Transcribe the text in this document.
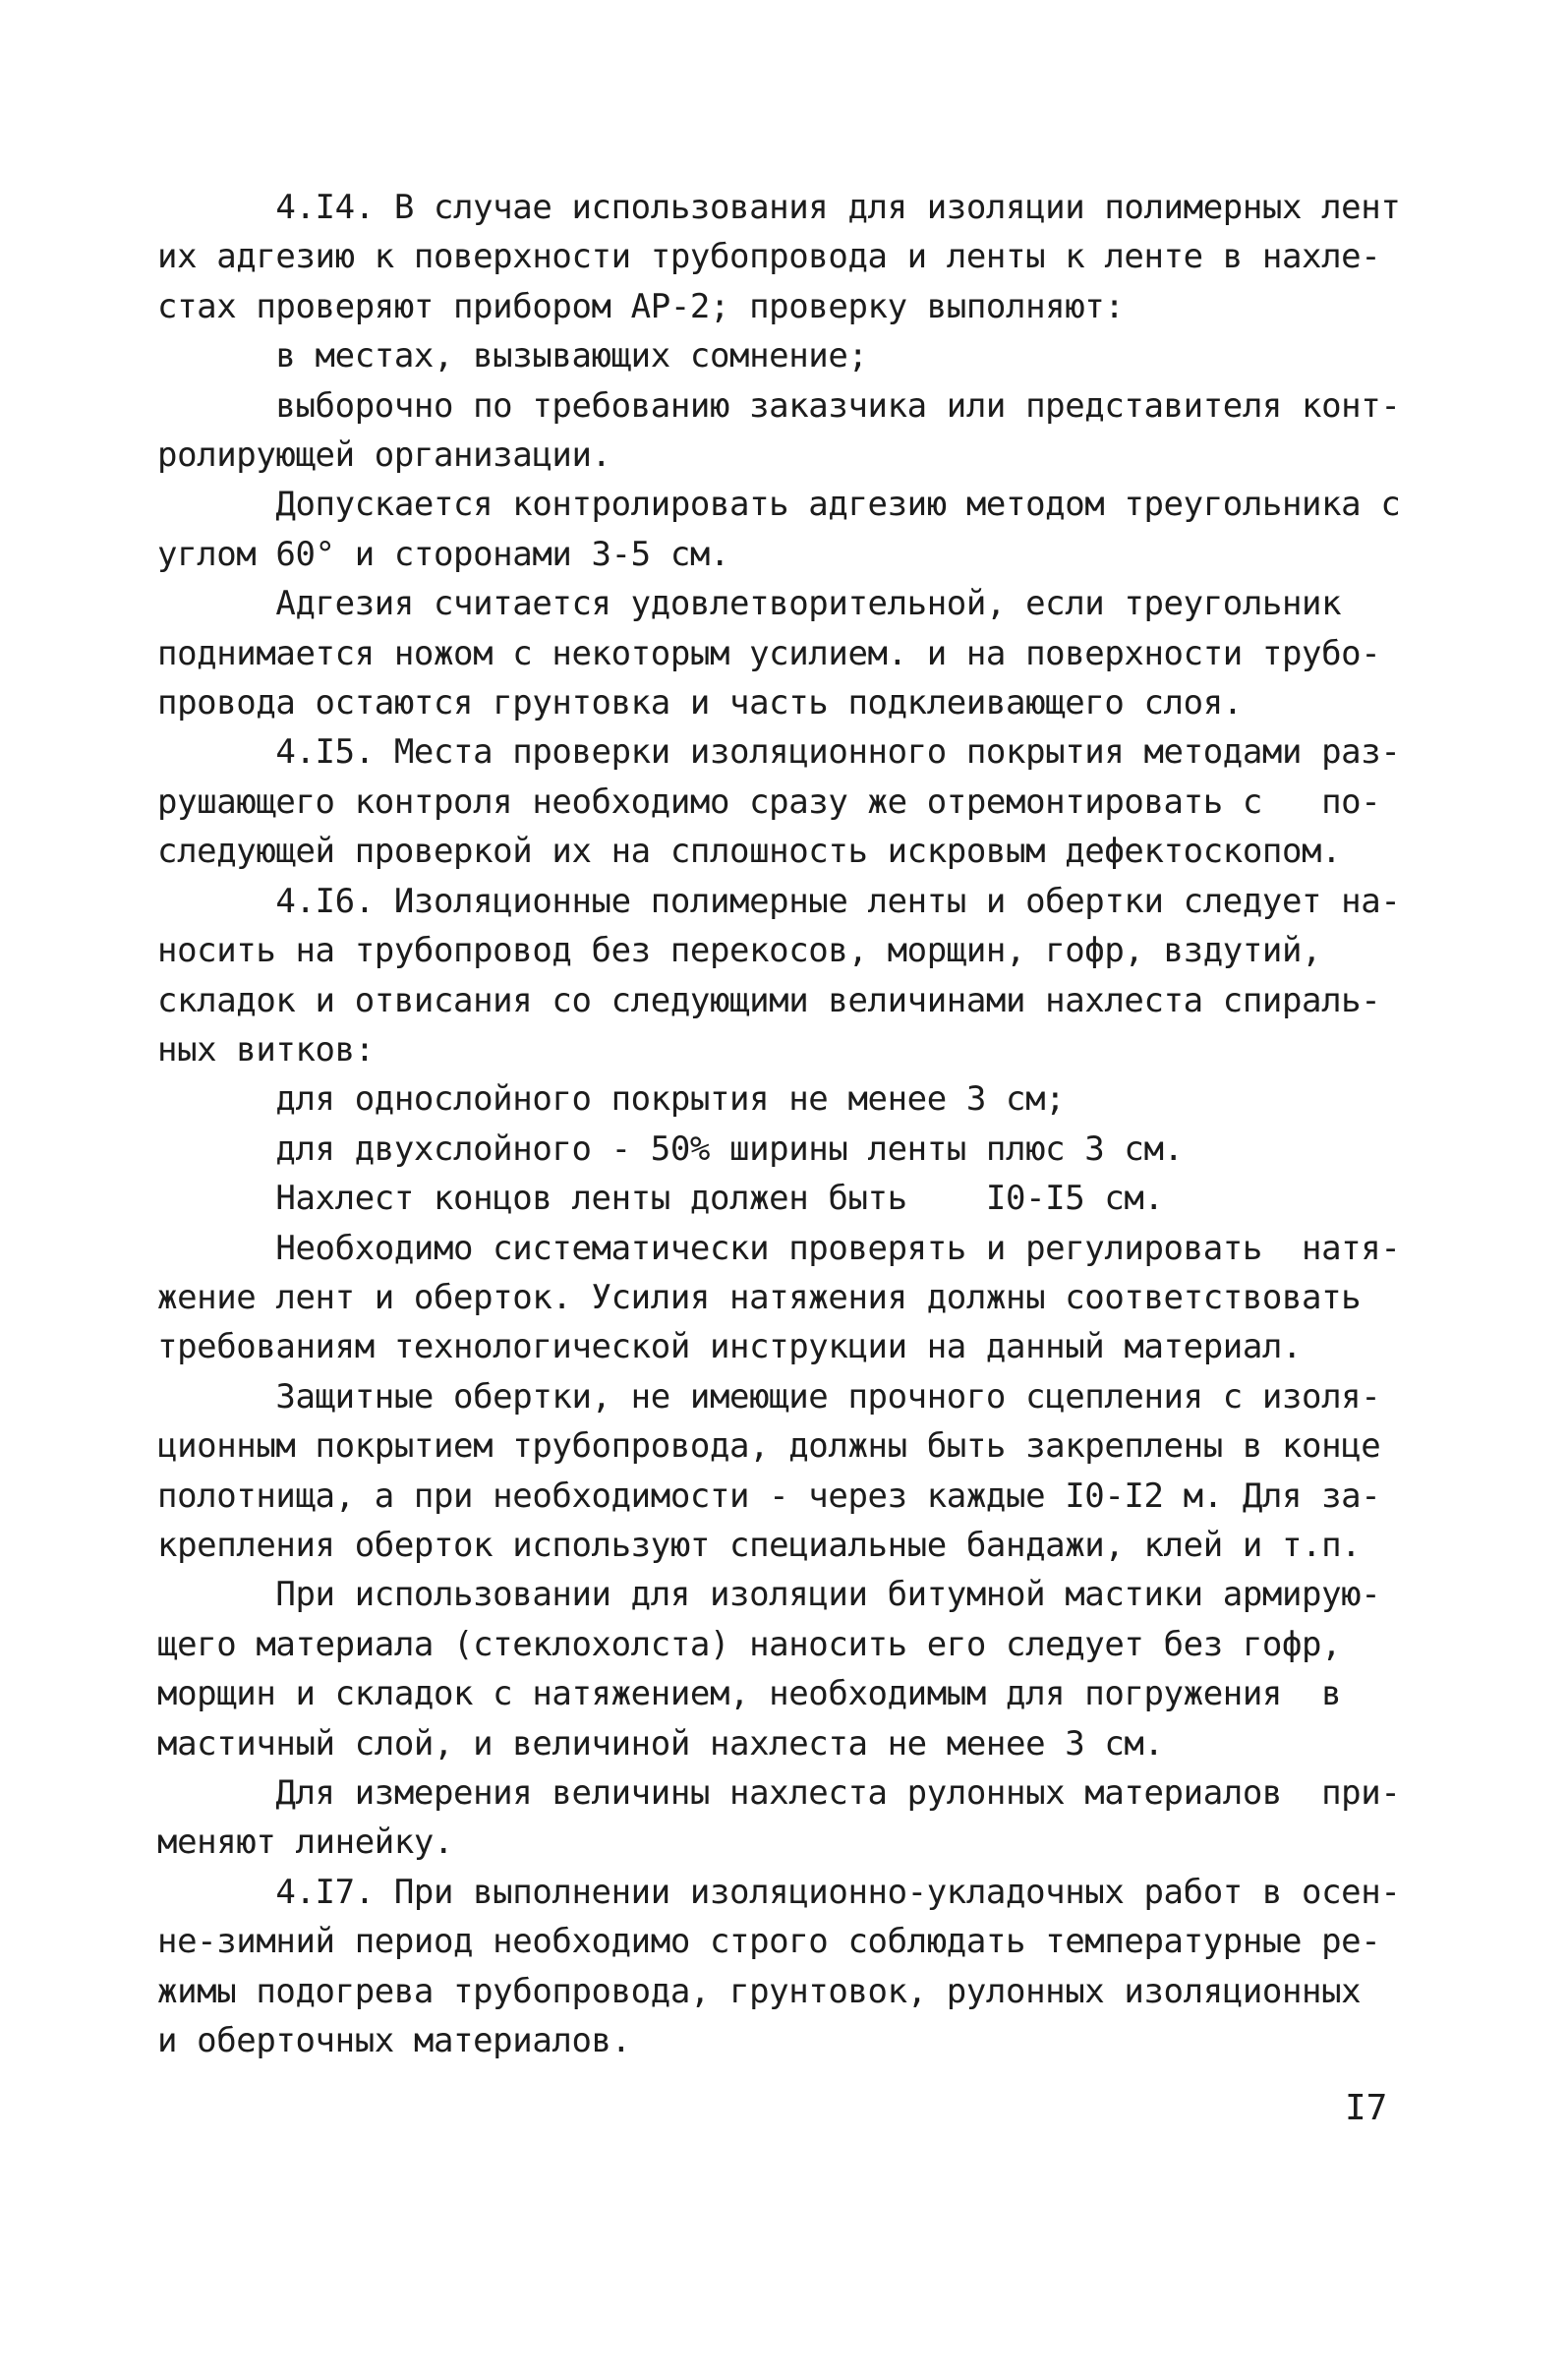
4.I4. В случае использования для изоляции полимерных лент
их адгезию к поверхности трубопровода и ленты к ленте в нахле-
стах проверяют прибором АР-2; проверку выполняют:
в местах, вызывающих сомнение;
выборочно по требованию заказчика или представителя конт-
ролирующей организации.
Допускается контролировать адгезию методом треугольника с
углом 60° и сторонами 3-5 см.
Адгезия считается удовлетворительной, если треугольник
поднимается ножом с некоторым усилием. и на поверхности трубо-
провода остаются грунтовка и часть подклеивающего слоя.
4.I5. Места проверки изоляционного покрытия методами раз-
рушающего контроля необходимо сразу же отремонтировать с   по-
следующей проверкой их на сплошность искровым дефектоскопом.
4.I6. Изоляционные полимерные ленты и обертки следует на-
носить на трубопровод без перекосов, морщин, гофр, вздутий,
складок и отвисания со следующими величинами нахлеста спираль-
ных витков:
для однослойного покрытия не менее 3 см;
для двухслойного - 50% ширины ленты плюс 3 см.
Нахлест концов ленты должен быть    I0-I5 см.
Необходимо систематически проверять и регулировать  натя-
жение лент и оберток. Усилия натяжения должны соответствовать
требованиям технологической инструкции на данный материал.
Защитные обертки, не имеющие прочного сцепления с изоля-
ционным покрытием трубопровода, должны быть закреплены в конце
полотнища, а при необходимости - через каждые I0-I2 м. Для за-
крепления оберток используют специальные бандажи, клей и т.п.
При использовании для изоляции битумной мастики армирую-
щего материала (стеклохолста) наносить его следует без гофр,
морщин и складок с натяжением, необходимым для погружения  в
мастичный слой, и величиной нахлеста не менее 3 см.
Для измерения величины нахлеста рулонных материалов  при-
меняют линейку.
4.I7. При выполнении изоляционно-укладочных работ в осен-
не-зимний период необходимо строго соблюдать температурные ре-
жимы подогрева трубопровода, грунтовок, рулонных изоляционных
и оберточных материалов.
I7
